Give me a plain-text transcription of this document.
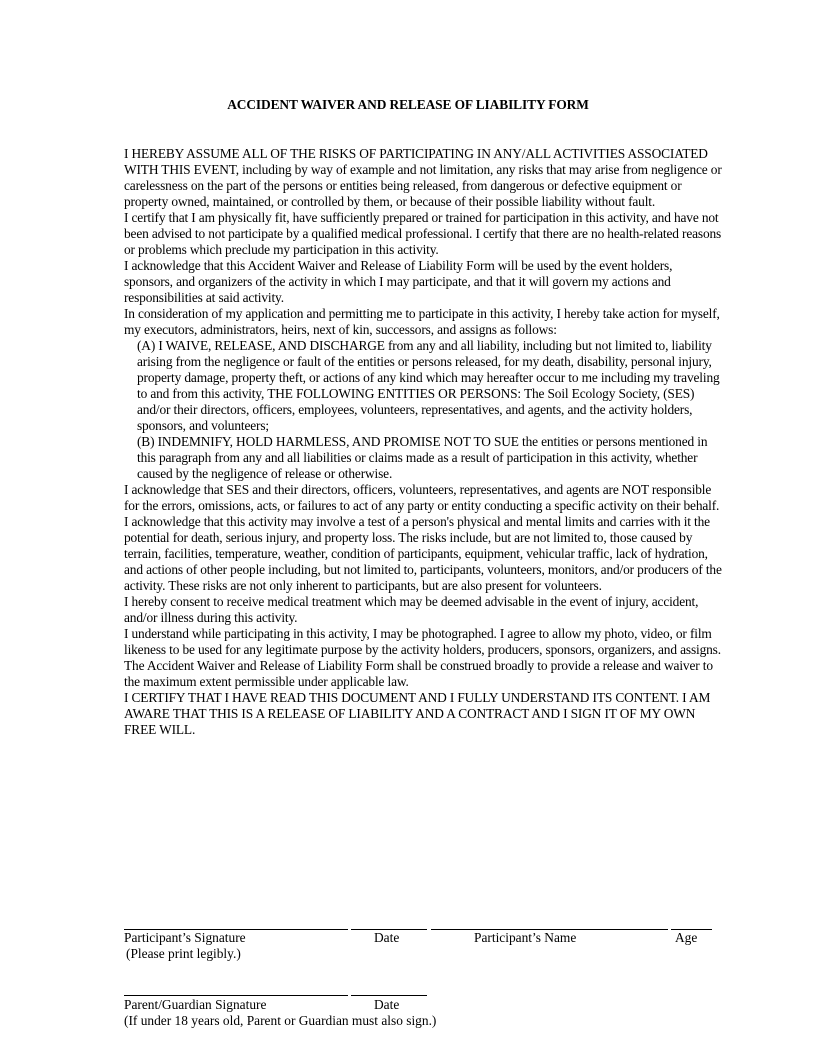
ACCIDENT WAIVER AND RELEASE OF LIABILITY FORM

I HEREBY ASSUME ALL OF THE RISKS OF PARTICIPATING IN ANY/ALL ACTIVITIES ASSOCIATED WITH THIS EVENT, including by way of example and not limitation, any risks that may arise from negligence or carelessness on the part of the persons or entities being released, from dangerous or defective equipment or property owned, maintained, or controlled by them, or because of their possible liability without fault.

I certify that I am physically fit, have sufficiently prepared or trained for participation in this activity, and have not been advised to not participate by a qualified medical professional. I certify that there are no health-related reasons or problems which preclude my participation in this activity.

I acknowledge that this Accident Waiver and Release of Liability Form will be used by the event holders, sponsors, and organizers of the activity in which I may participate, and that it will govern my actions and responsibilities at said activity.

In consideration of my application and permitting me to participate in this activity, I hereby take action for myself, my executors, administrators, heirs, next of kin, successors, and assigns as follows:

(A) I WAIVE, RELEASE, AND DISCHARGE from any and all liability, including but not limited to, liability arising from the negligence or fault of the entities or persons released, for my death, disability, personal injury, property damage, property theft, or actions of any kind which may hereafter occur to me including my traveling to and from this activity, THE FOLLOWING ENTITIES OR PERSONS: The Soil Ecology Society, (SES) and/or their directors, officers, employees, volunteers, representatives, and agents, and the activity holders, sponsors, and volunteers;

(B) INDEMNIFY, HOLD HARMLESS, AND PROMISE NOT TO SUE the entities or persons mentioned in this paragraph from any and all liabilities or claims made as a result of participation in this activity, whether caused by the negligence of release or otherwise.

I acknowledge that SES and their directors, officers, volunteers, representatives, and agents are NOT responsible for the errors, omissions, acts, or failures to act of any party or entity conducting a specific activity on their behalf.

I acknowledge that this activity may involve a test of a person's physical and mental limits and carries with it the potential for death, serious injury, and property loss. The risks include, but are not limited to, those caused by terrain, facilities, temperature, weather, condition of participants, equipment, vehicular traffic, lack of hydration, and actions of other people including, but not limited to, participants, volunteers, monitors, and/or producers of the activity. These risks are not only inherent to participants, but are also present for volunteers.

I hereby consent to receive medical treatment which may be deemed advisable in the event of injury, accident, and/or illness during this activity.

I understand while participating in this activity, I may be photographed. I agree to allow my photo, video, or film likeness to be used for any legitimate purpose by the activity holders, producers, sponsors, organizers, and assigns.

The Accident Waiver and Release of Liability Form shall be construed broadly to provide a release and waiver to the maximum extent permissible under applicable law.

I CERTIFY THAT I HAVE READ THIS DOCUMENT AND I FULLY UNDERSTAND ITS CONTENT. I AM AWARE THAT THIS IS A RELEASE OF LIABILITY AND A CONTRACT AND I SIGN IT OF MY OWN FREE WILL.

Participant’s Signature	Date	Participant’s Name	Age
(Please print legibly.)
Parent/Guardian Signature	Date
(If under 18 years old, Parent or Guardian must also sign.)
